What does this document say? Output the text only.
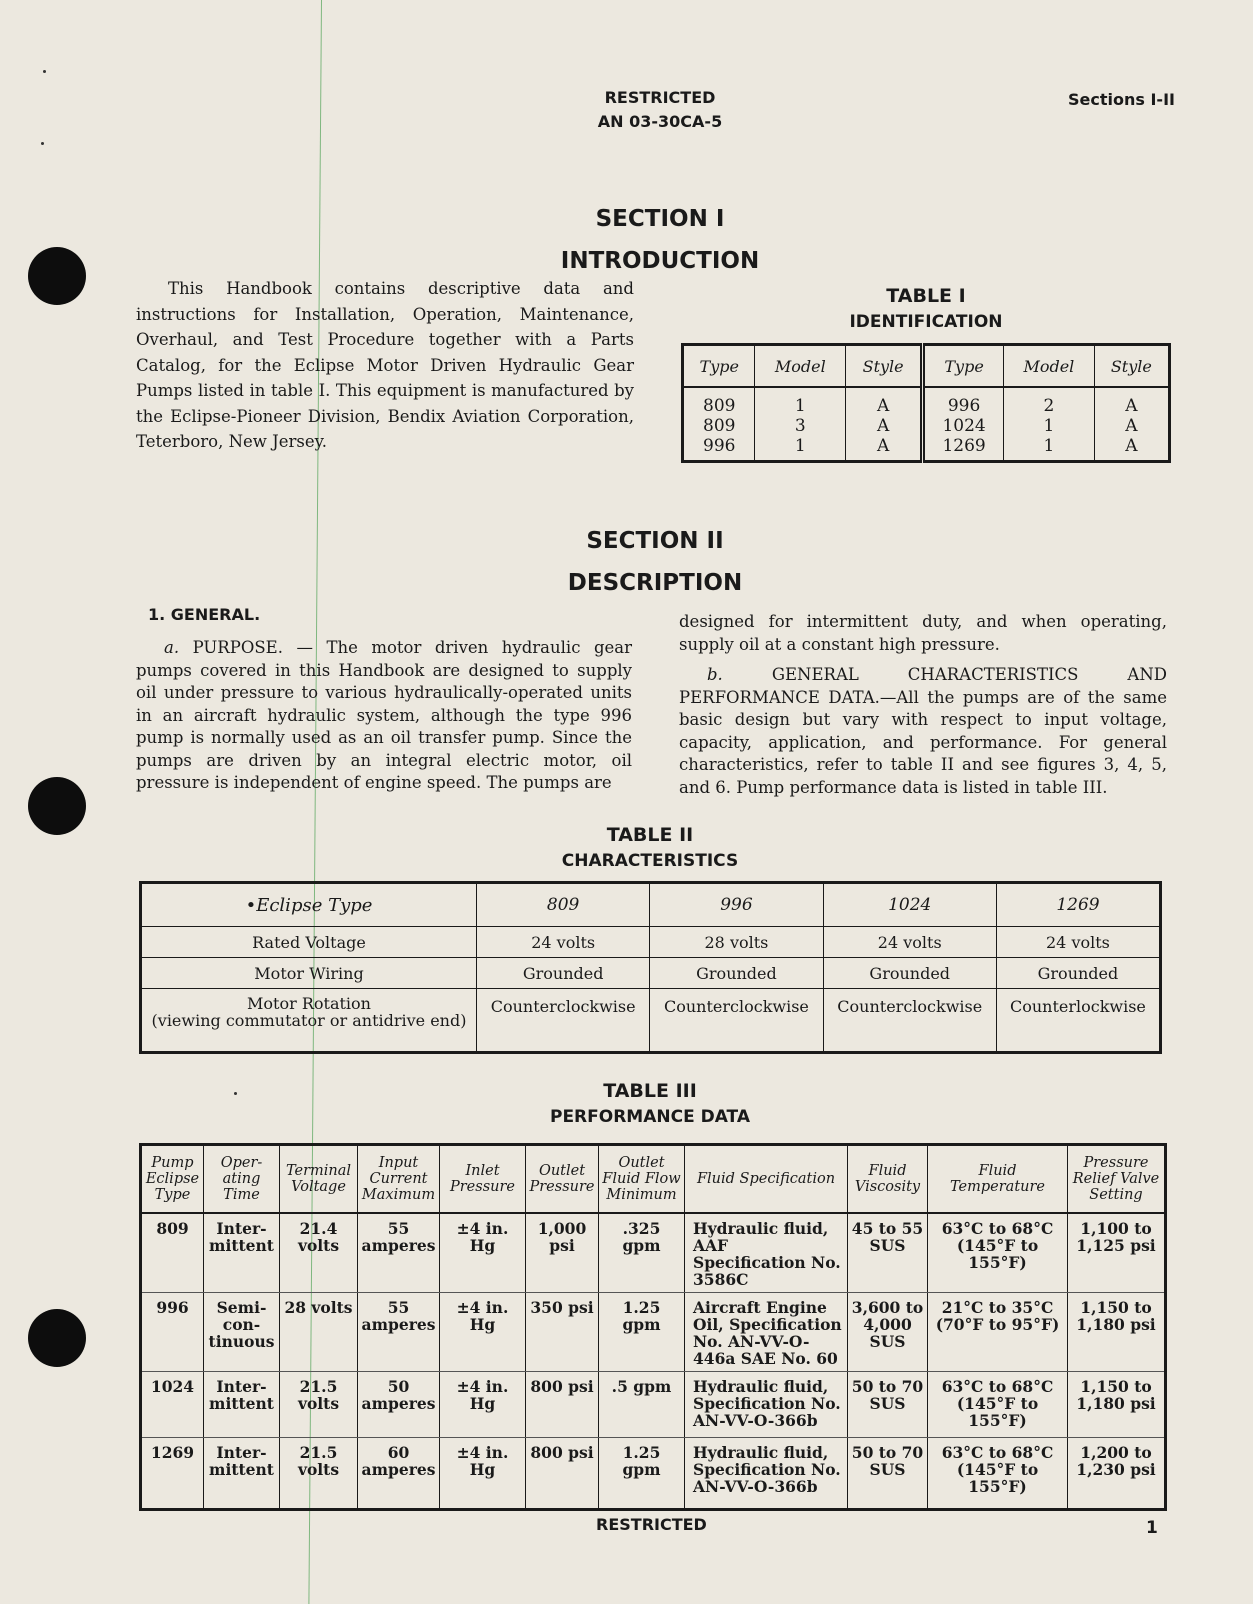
RESTRICTED
AN 03-30CA-5
Sections I-II
SECTION I
INTRODUCTION

This Handbook contains descriptive data and instructions for Installation, Operation, Maintenance, Overhaul, and Test Procedure together with a Parts Catalog, for the Eclipse Motor Driven Hydraulic Gear Pumps listed in table I. This equipment is manufactured by the Eclipse-Pioneer Division, Bendix Aviation Corporation, Teterboro, New Jersey.

TABLE I
IDENTIFICATION
Type	Model	Style	Type	Model	Style
809	1	A	996	2	A
809	3	A	1024	1	A
996	1	A	1269	1	A
SECTION II
DESCRIPTION
1. GENERAL.

a. PURPOSE. — The motor driven hydraulic gear pumps covered in this Handbook are designed to supply oil under pressure to various hydraulically-operated units in an aircraft hydraulic system, although the type 996 pump is normally used as an oil transfer pump. Since the pumps are driven by an integral electric motor, oil pressure is independent of engine speed. The pumps are

designed for intermittent duty, and when operating, supply oil at a constant high pressure.

b.	GENERAL CHARACTERISTICS AND PERFORMANCE DATA.—All the pumps are of the same basic design but vary with respect to input voltage, capacity, application, and performance. For general characteristics, refer to table II and see figures 3, 4, 5, and 6. Pump performance data is listed in table III.

TABLE II
CHARACTERISTICS
•Eclipse Type	809	996	1024	1269
Rated Voltage	24 volts	28 volts	24 volts	24 volts
Motor Wiring	Grounded	Grounded	Grounded	Grounded

Motor Rotation
(viewing commutator or antidrive end)	Counterclockwise	Counterclockwise	Counterclockwise	Counterlockwise
TABLE III
PERFORMANCE DATA
Pump Eclipse Type	Oper- ating Time	Terminal Voltage	Input Current Maximum	Inlet Pressure	Outlet Pressure	Outlet Fluid Flow Minimum	Fluid Specification	Fluid Viscosity	Fluid Temperature	Pressure Relief Valve Setting
809	Inter- mittent	21.4 volts	55 amperes	±4 in. Hg	1,000 psi	.325 gpm	Hydraulic fluid, AAF Specification No. 3586C	45 to 55 SUS	63°C to 68°C (145°F to 155°F)	1,100 to 1,125 psi
996	Semi- con- tinuous	28 volts	55 amperes	±4 in. Hg	350 psi	1.25 gpm	Aircraft Engine Oil, Specification No. AN-VV-O-446a SAE No. 60	3,600 to 4,000 SUS	21°C to 35°C (70°F to 95°F)	1,150 to 1,180 psi
1024	Inter- mittent	21.5 volts	50 amperes	±4 in. Hg	800 psi	.5 gpm	Hydraulic fluid, Specification No. AN-VV-O-366b	50 to 70 SUS	63°C to 68°C (145°F to 155°F)	1,150 to 1,180 psi
1269	Inter- mittent	21.5 volts	60 amperes	±4 in. Hg	800 psi	1.25 gpm	Hydraulic fluid, Specification No. AN-VV-O-366b	50 to 70 SUS	63°C to 68°C (145°F to 155°F)	1,200 to 1,230 psi
RESTRICTED	1
